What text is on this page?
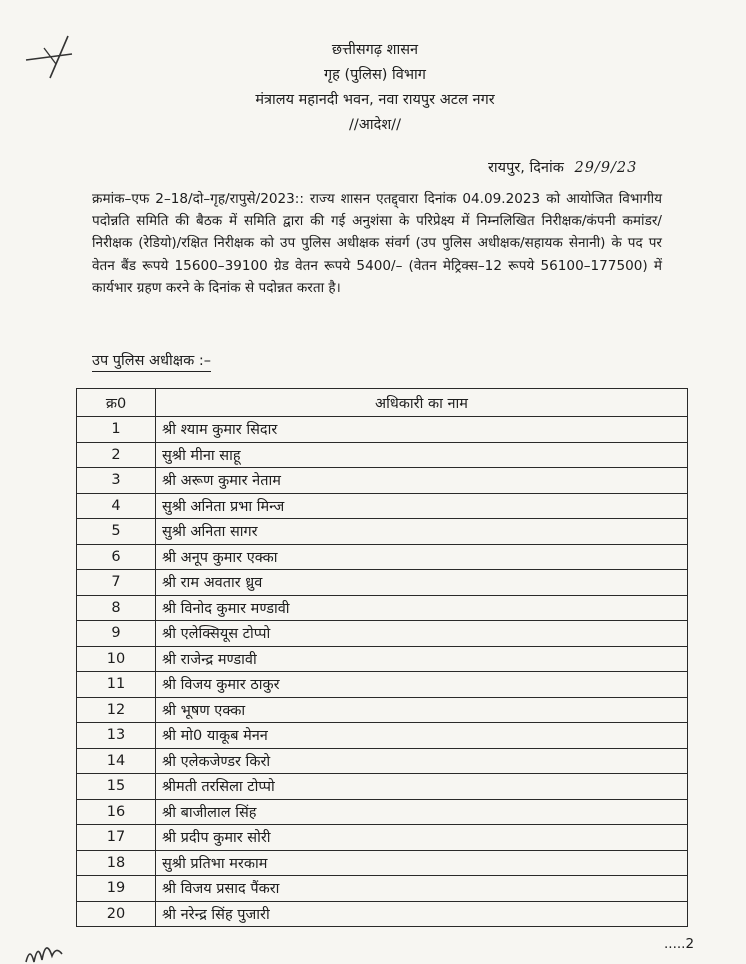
छत्तीसगढ़ शासन
गृह (पुलिस) विभाग
मंत्रालय महानदी भवन, नवा रायपुर अटल नगर
//आदेश//
रायपुर, दिनांक 29/9/23

क्रमांक–एफ 2–18/दो–गृह/रापुसे/2023:: राज्य शासन एतद्द्वारा दिनांक 04.09.2023 को आयोजित विभागीय पदोन्नति समिति की बैठक में समिति द्वारा की गई अनुशंसा के परिप्रेक्ष्य में निम्नलिखित निरीक्षक/कंपनी कमांडर/निरीक्षक (रेडियो)/रक्षित निरीक्षक को उप पुलिस अधीक्षक संवर्ग (उप पुलिस अधीक्षक/सहायक सेनानी) के पद पर वेतन बैंड रूपये 15600–39100 ग्रेड वेतन रूपये 5400/– (वेतन मेट्रिक्स–12 रूपये 56100–177500) में कार्यभार ग्रहण करने के दिनांक से पदोन्नत करता है।

उप पुलिस अधीक्षक :–
क्र0	अधिकारी का नाम
1	श्री श्याम कुमार सिदार
2	सुश्री मीना साहू
3	श्री अरूण कुमार नेताम
4	सुश्री अनिता प्रभा मिन्ज
5	सुश्री अनिता सागर
6	श्री अनूप कुमार एक्का
7	श्री राम अवतार ध्रुव
8	श्री विनोद कुमार मण्डावी
9	श्री एलेक्सियूस टोप्पो
10	श्री राजेन्द्र मण्डावी
11	श्री विजय कुमार ठाकुर
12	श्री भूषण एक्का
13	श्री मो0 याकूब मेनन
14	श्री एलेकजेण्डर किरो
15	श्रीमती तरसिला टोप्पो
16	श्री बाजीलाल सिंह
17	श्री प्रदीप कुमार सोरी
18	सुश्री प्रतिभा मरकाम
19	श्री विजय प्रसाद पैंकरा
20	श्री नरेन्द्र सिंह पुजारी
.....2
